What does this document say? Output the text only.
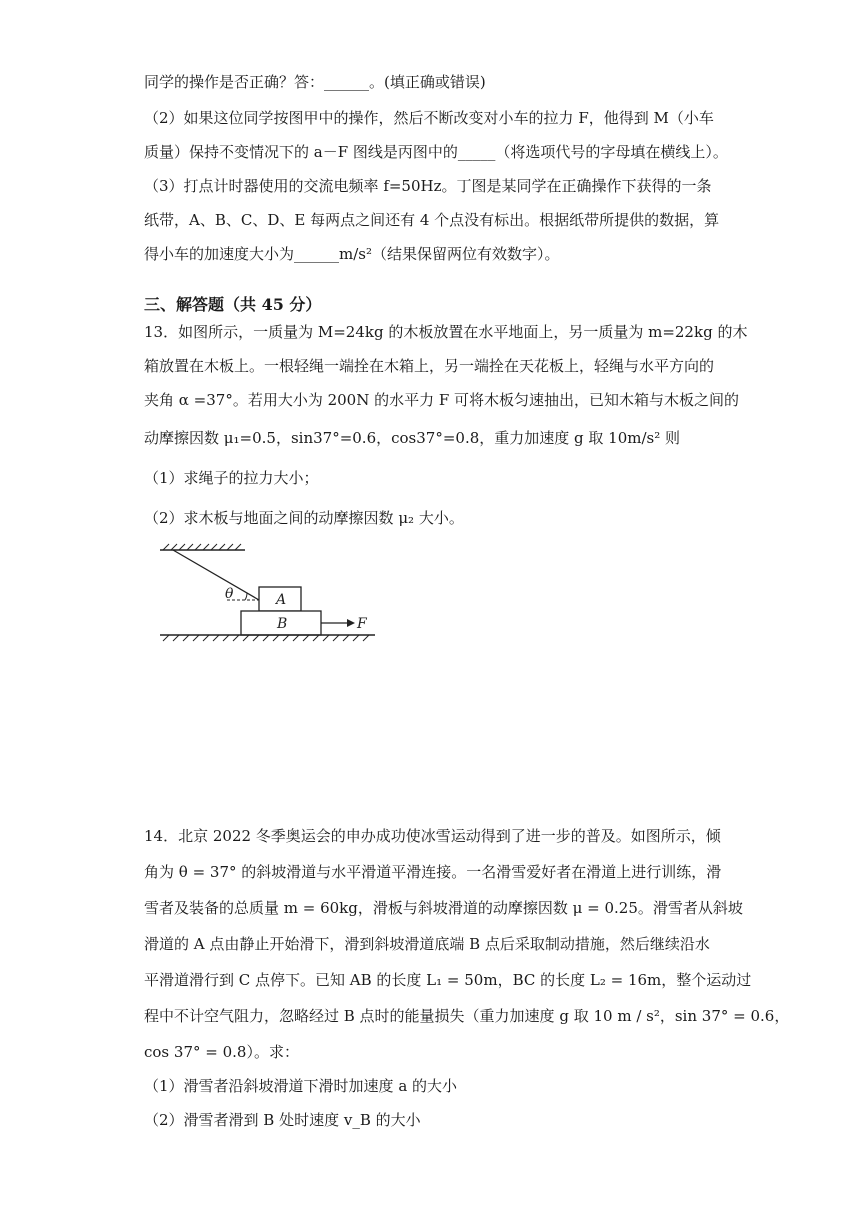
同学的操作是否正确？答：______。(填正确或错误)
（2）如果这位同学按图甲中的操作，然后不断改变对小车的拉力 F，他得到 M（小车
质量）保持不变情况下的 a－F 图线是丙图中的_____（将选项代号的字母填在横线上）。
（3）打点计时器使用的交流电频率 f=50Hz。丁图是某同学在正确操作下获得的一条
纸带，A、B、C、D、E 每两点之间还有 4 个点没有标出。根据纸带所提供的数据，算
得小车的加速度大小为______m/s²（结果保留两位有效数字）。
三、解答题（共 45 分）
13．如图所示，一质量为 M=24kg 的木板放置在水平地面上，另一质量为 m=22kg 的木
箱放置在木板上。一根轻绳一端拴在木箱上，另一端拴在天花板上，轻绳与水平方向的
夹角 α =37°。若用大小为 200N 的水平力 F 可将木板匀速抽出，已知木箱与木板之间的
动摩擦因数 μ₁=0.5，sin37°=0.6，cos37°=0.8，重力加速度 g 取 10m/s² 则
（1）求绳子的拉力大小；
（2）求木板与地面之间的动摩擦因数 μ₂ 大小。
θ	A
B	F
14．北京 2022 冬季奥运会的申办成功使冰雪运动得到了进一步的普及。如图所示，倾
角为 θ = 37° 的斜坡滑道与水平滑道平滑连接。一名滑雪爱好者在滑道上进行训练，滑
雪者及装备的总质量 m = 60kg，滑板与斜坡滑道的动摩擦因数 μ = 0.25。滑雪者从斜坡
滑道的 A 点由静止开始滑下，滑到斜坡滑道底端 B 点后采取制动措施，然后继续沿水
平滑道滑行到 C 点停下。已知 AB 的长度 L₁ = 50m，BC 的长度 L₂ = 16m，整个运动过
程中不计空气阻力，忽略经过 B 点时的能量损失（重力加速度 g 取 10 m / s²，sin 37° = 0.6，
cos 37° = 0.8）。求：
（1）滑雪者沿斜坡滑道下滑时加速度 a 的大小
（2）滑雪者滑到 B 处时速度 v_B 的大小
